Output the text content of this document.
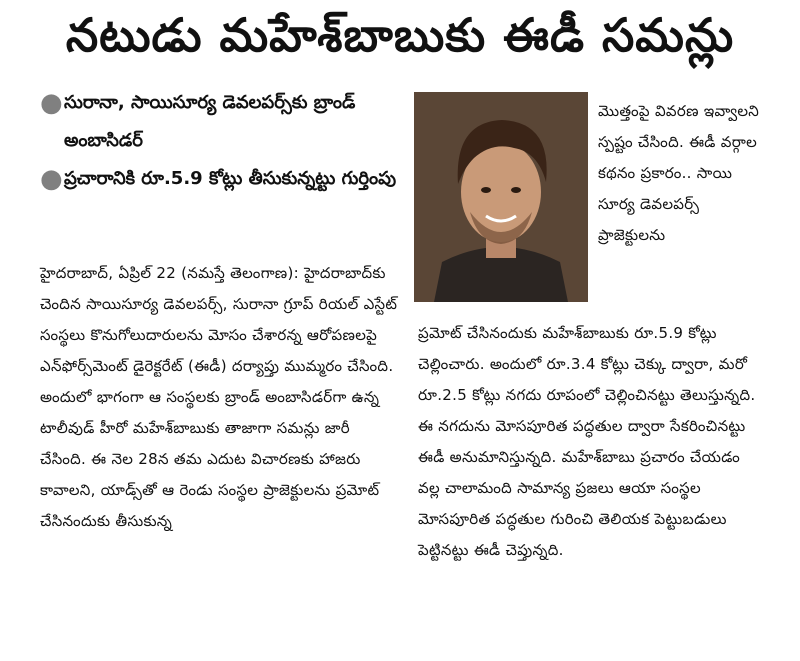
నటుడు మహేశ్‌బాబుకు ఈడీ సమన్లు
● సురానా, సాయిసూర్య డెవలపర్స్‌కు బ్రాండ్ అంబాసిడర్
● ప్రచారానికి రూ.5.9 కోట్లు తీసుకున్నట్టు గుర్తింపు

మొత్తంపై వివరణ ఇవ్వాలని స్పష్టం చేసింది. ఈడీ వర్గాల కథనం ప్రకారం.. సాయి సూర్య డెవలపర్స్ ప్రాజెక్టులను

హైదరాబాద్, ఏప్రిల్ 22 (నమస్తే తెలంగాణ): హైదరాబాద్‌కు చెందిన సాయిసూర్య డెవలపర్స్, సురానా గ్రూప్ రియల్ ఎస్టేట్ సంస్థలు కొనుగోలుదారులను మోసం చేశారన్న ఆరోపణలపై ఎన్‌ఫోర్స్‌మెంట్ డైరెక్టరేట్ (ఈడీ) దర్యాప్తు ముమ్మరం చేసింది. అందులో భాగంగా ఆ సంస్థలకు బ్రాండ్ అంబాసిడర్‌గా ఉన్న టాలీవుడ్ హీరో మహేశ్‌బాబుకు తాజాగా సమన్లు జారీ చేసింది. ఈ నెల 28న తమ ఎదుట విచారణకు హాజరు కావాలని, యాడ్స్‌తో ఆ రెండు సంస్థల ప్రాజెక్టులను ప్రమోట్ చేసినందుకు తీసుకున్న

ప్రమోట్ చేసినందుకు మహేశ్‌బాబుకు రూ.5.9 కోట్లు చెల్లించారు. అందులో రూ.3.4 కోట్లు చెక్కు ద్వారా, మరో రూ.2.5 కోట్లు నగదు రూపంలో చెల్లించినట్టు తెలుస్తున్నది. ఈ నగదును మోసపూరిత పద్ధతుల ద్వారా సేకరించినట్టు ఈడీ అనుమానిస్తున్నది. మహేశ్‌బాబు ప్రచారం చేయడం వల్ల చాలామంది సామాన్య ప్రజలు ఆయా సంస్థల మోసపూరిత పద్ధతుల గురించి తెలియక పెట్టుబడులు పెట్టినట్టు ఈడీ చెప్తున్నది.
